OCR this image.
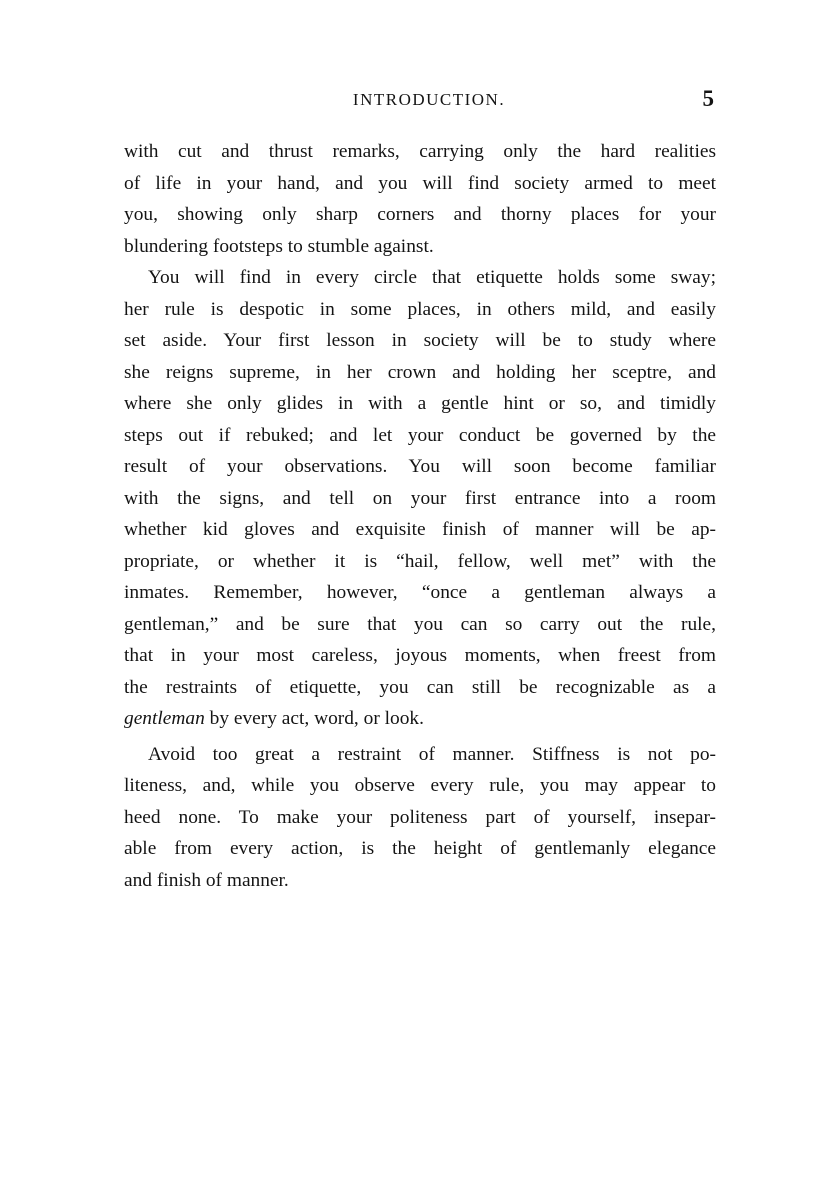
INTRODUCTION.	5
with cut and thrust remarks, carrying only the hard realities
of life in your hand, and you will find society armed to meet
you, showing only sharp corners and thorny places for your
blundering footsteps to stumble against.
You will find in every circle that etiquette holds some sway;
her rule is despotic in some places, in others mild, and easily
set aside. Your first lesson in society will be to study where
she reigns supreme, in her crown and holding her sceptre, and
where she only glides in with a gentle hint or so, and timidly
steps out if rebuked; and let your conduct be governed by the
result of your observations. You will soon become familiar
with the signs, and tell on your first entrance into a room
whether kid gloves and exquisite finish of manner will be ap-
propriate, or whether it is “hail, fellow, well met” with the
inmates. Remember, however, “once a gentleman always a
gentleman,” and be sure that you can so carry out the rule,
that in your most careless, joyous moments, when freest from
the restraints of etiquette, you can still be recognizable as a
gentleman by every act, word, or look.
Avoid too great a restraint of manner. Stiffness is not po-
liteness, and, while you observe every rule, you may appear to
heed none. To make your politeness part of yourself, insepar-
able from every action, is the height of gentlemanly elegance
and finish of manner.
